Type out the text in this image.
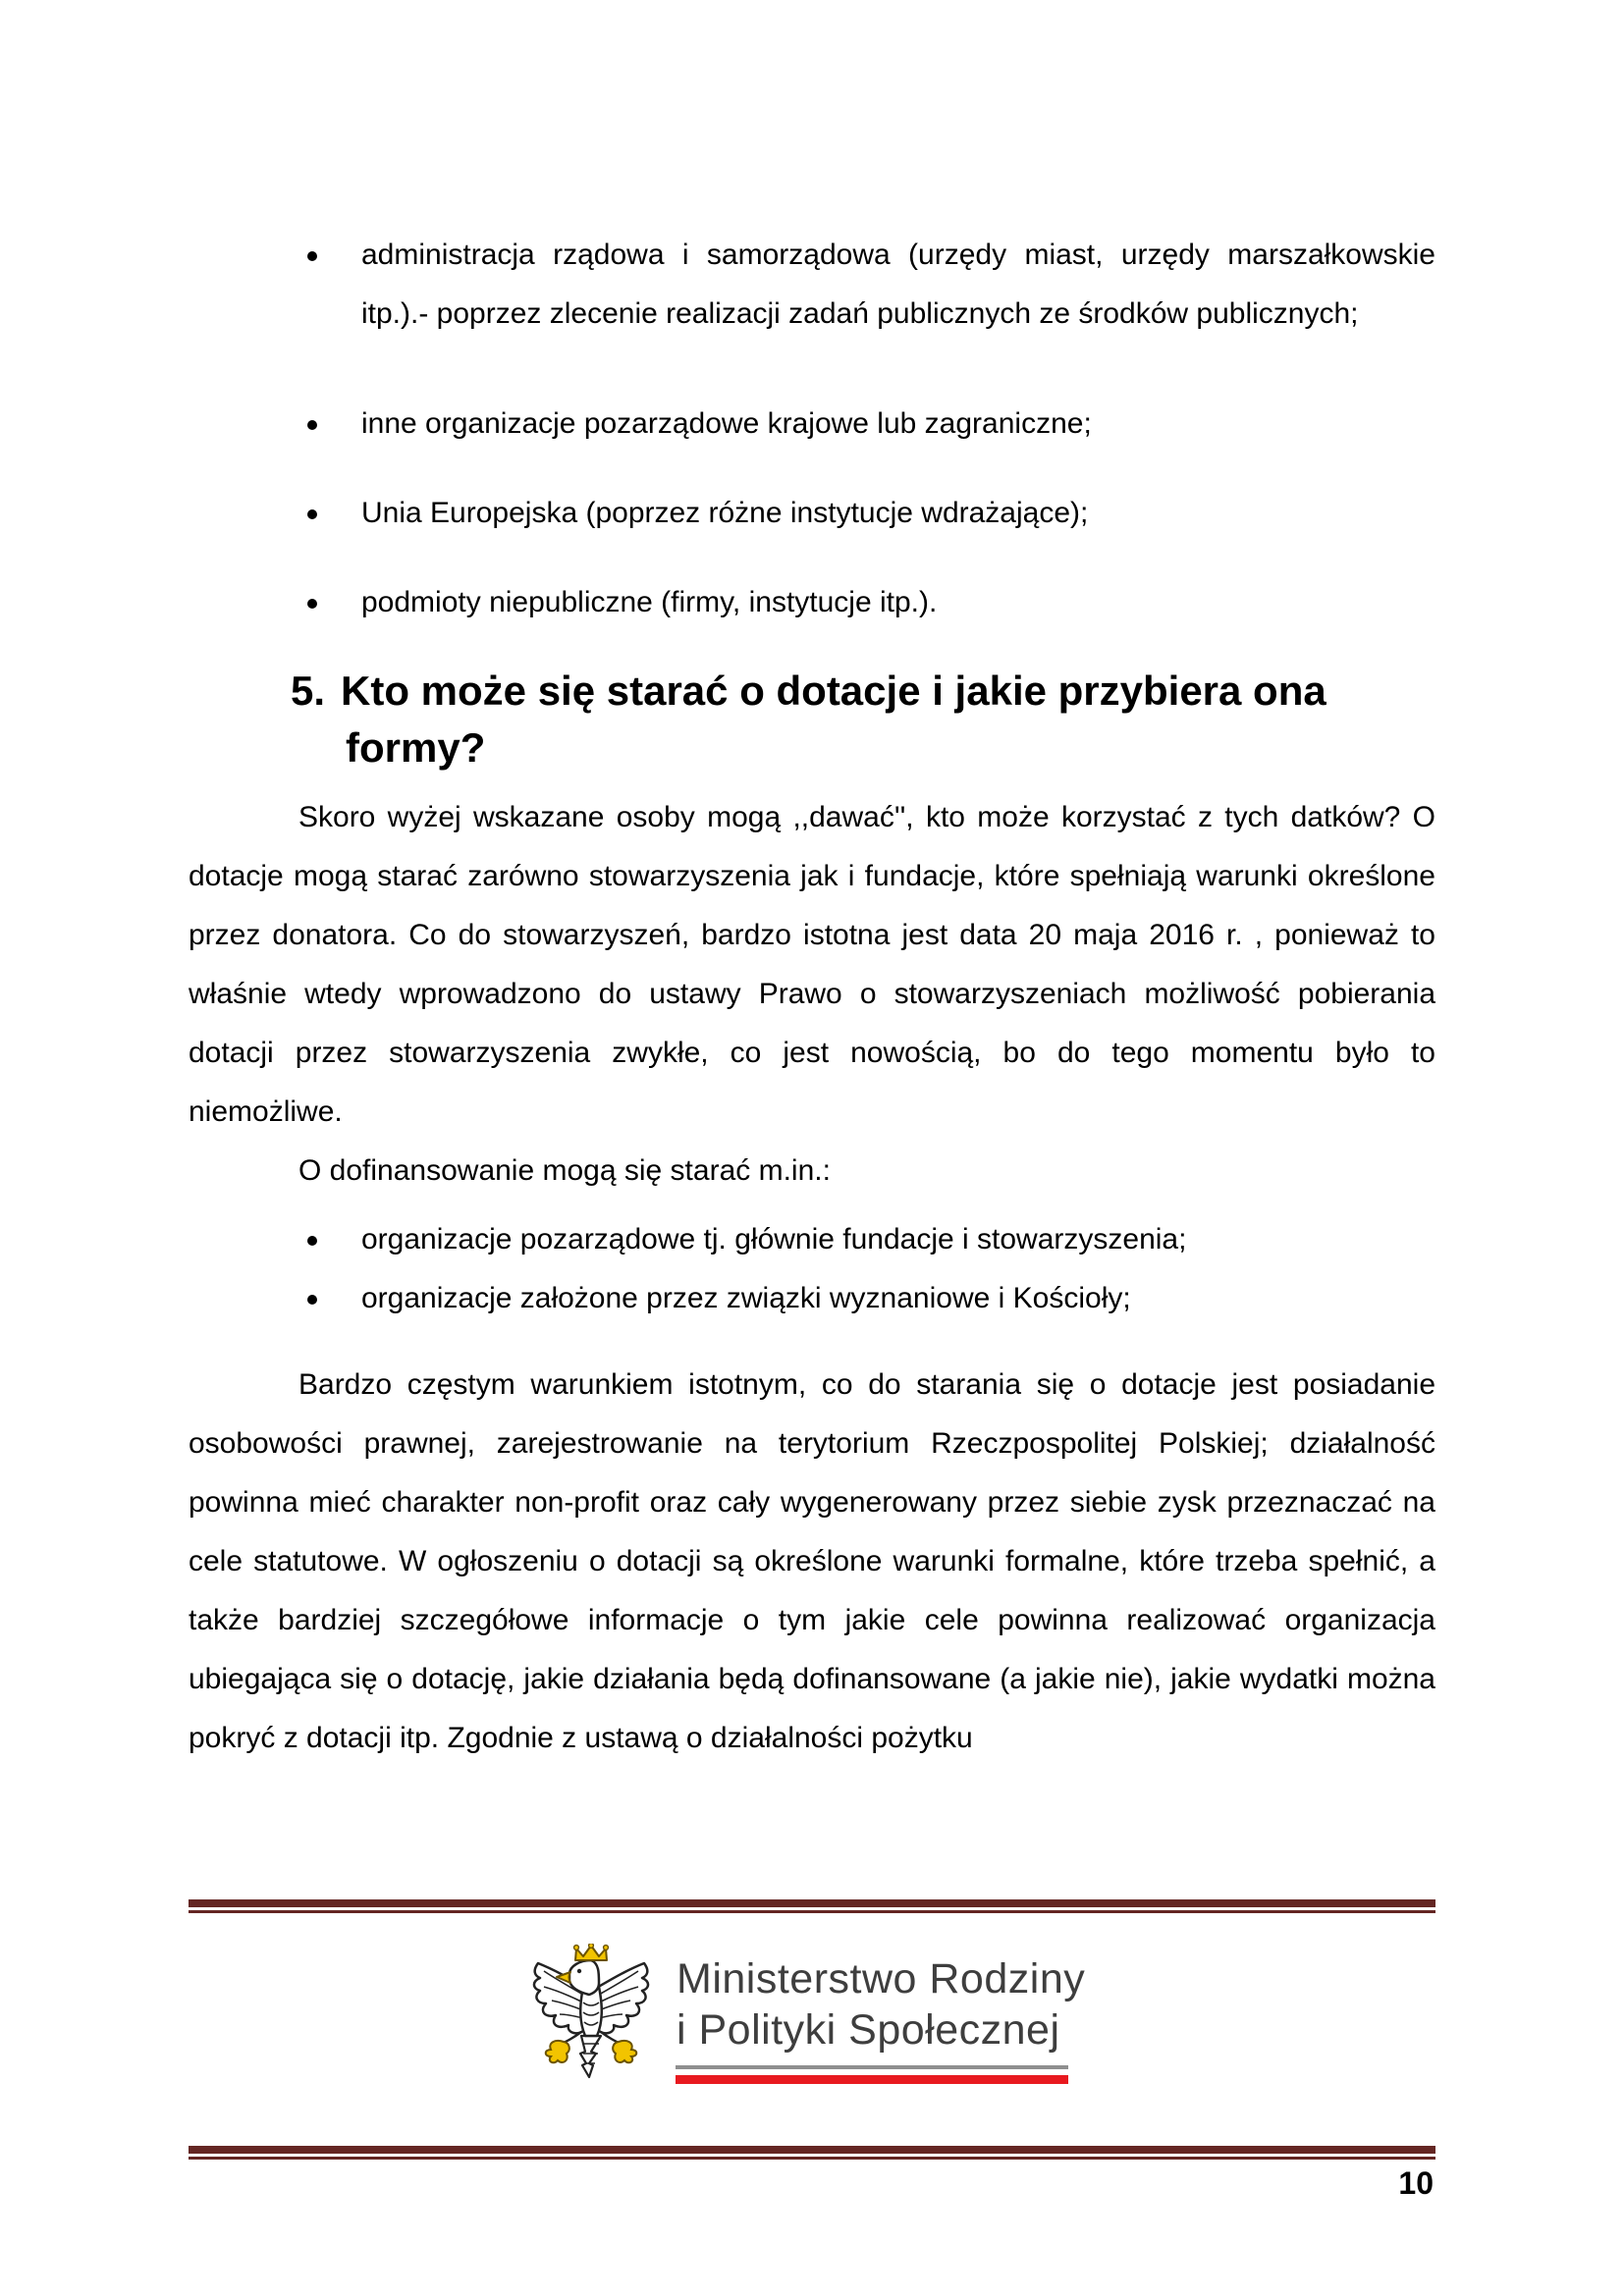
administracja rządowa i samorządowa (urzędy miast, urzędy marszałkowskie itp.).- poprzez zlecenie realizacji zadań publicznych ze środków publicznych;
inne organizacje pozarządowe krajowe lub zagraniczne;
Unia Europejska (poprzez różne instytucje wdrażające);
podmioty niepubliczne (firmy, instytucje itp.).
5. Kto może się starać o dotacje i jakie przybiera ona formy?

Skoro wyżej wskazane osoby mogą ,,dawać'', kto może korzystać z tych datków? O dotacje mogą starać zarówno stowarzyszenia jak i fundacje, które spełniają warunki określone przez donatora. Co do stowarzyszeń, bardzo istotna jest data 20 maja 2016 r. , ponieważ to właśnie wtedy wprowadzono do ustawy Prawo o stowarzyszeniach możliwość pobierania dotacji przez stowarzyszenia zwykłe, co jest nowością, bo do tego momentu było to niemożliwe.

O dofinansowanie mogą się starać m.in.:

organizacje pozarządowe tj. głównie fundacje i stowarzyszenia;
organizacje założone przez związki wyznaniowe i Kościoły;

Bardzo częstym warunkiem istotnym, co do starania się o dotacje jest posiadanie osobowości prawnej, zarejestrowanie na terytorium Rzeczpospolitej Polskiej; działalność powinna mieć charakter non-profit oraz cały wygenerowany przez siebie zysk przeznaczać na cele statutowe. W ogłoszeniu o dotacji są określone warunki formalne, które trzeba spełnić, a także bardziej szczegółowe informacje o tym jakie cele powinna realizować organizacja ubiegająca się o dotację, jakie działania będą dofinansowane (a jakie nie), jakie wydatki można pokryć z dotacji itp. Zgodnie z ustawą o działalności pożytku

Ministerstwo Rodziny
i Polityki Społecznej
10
